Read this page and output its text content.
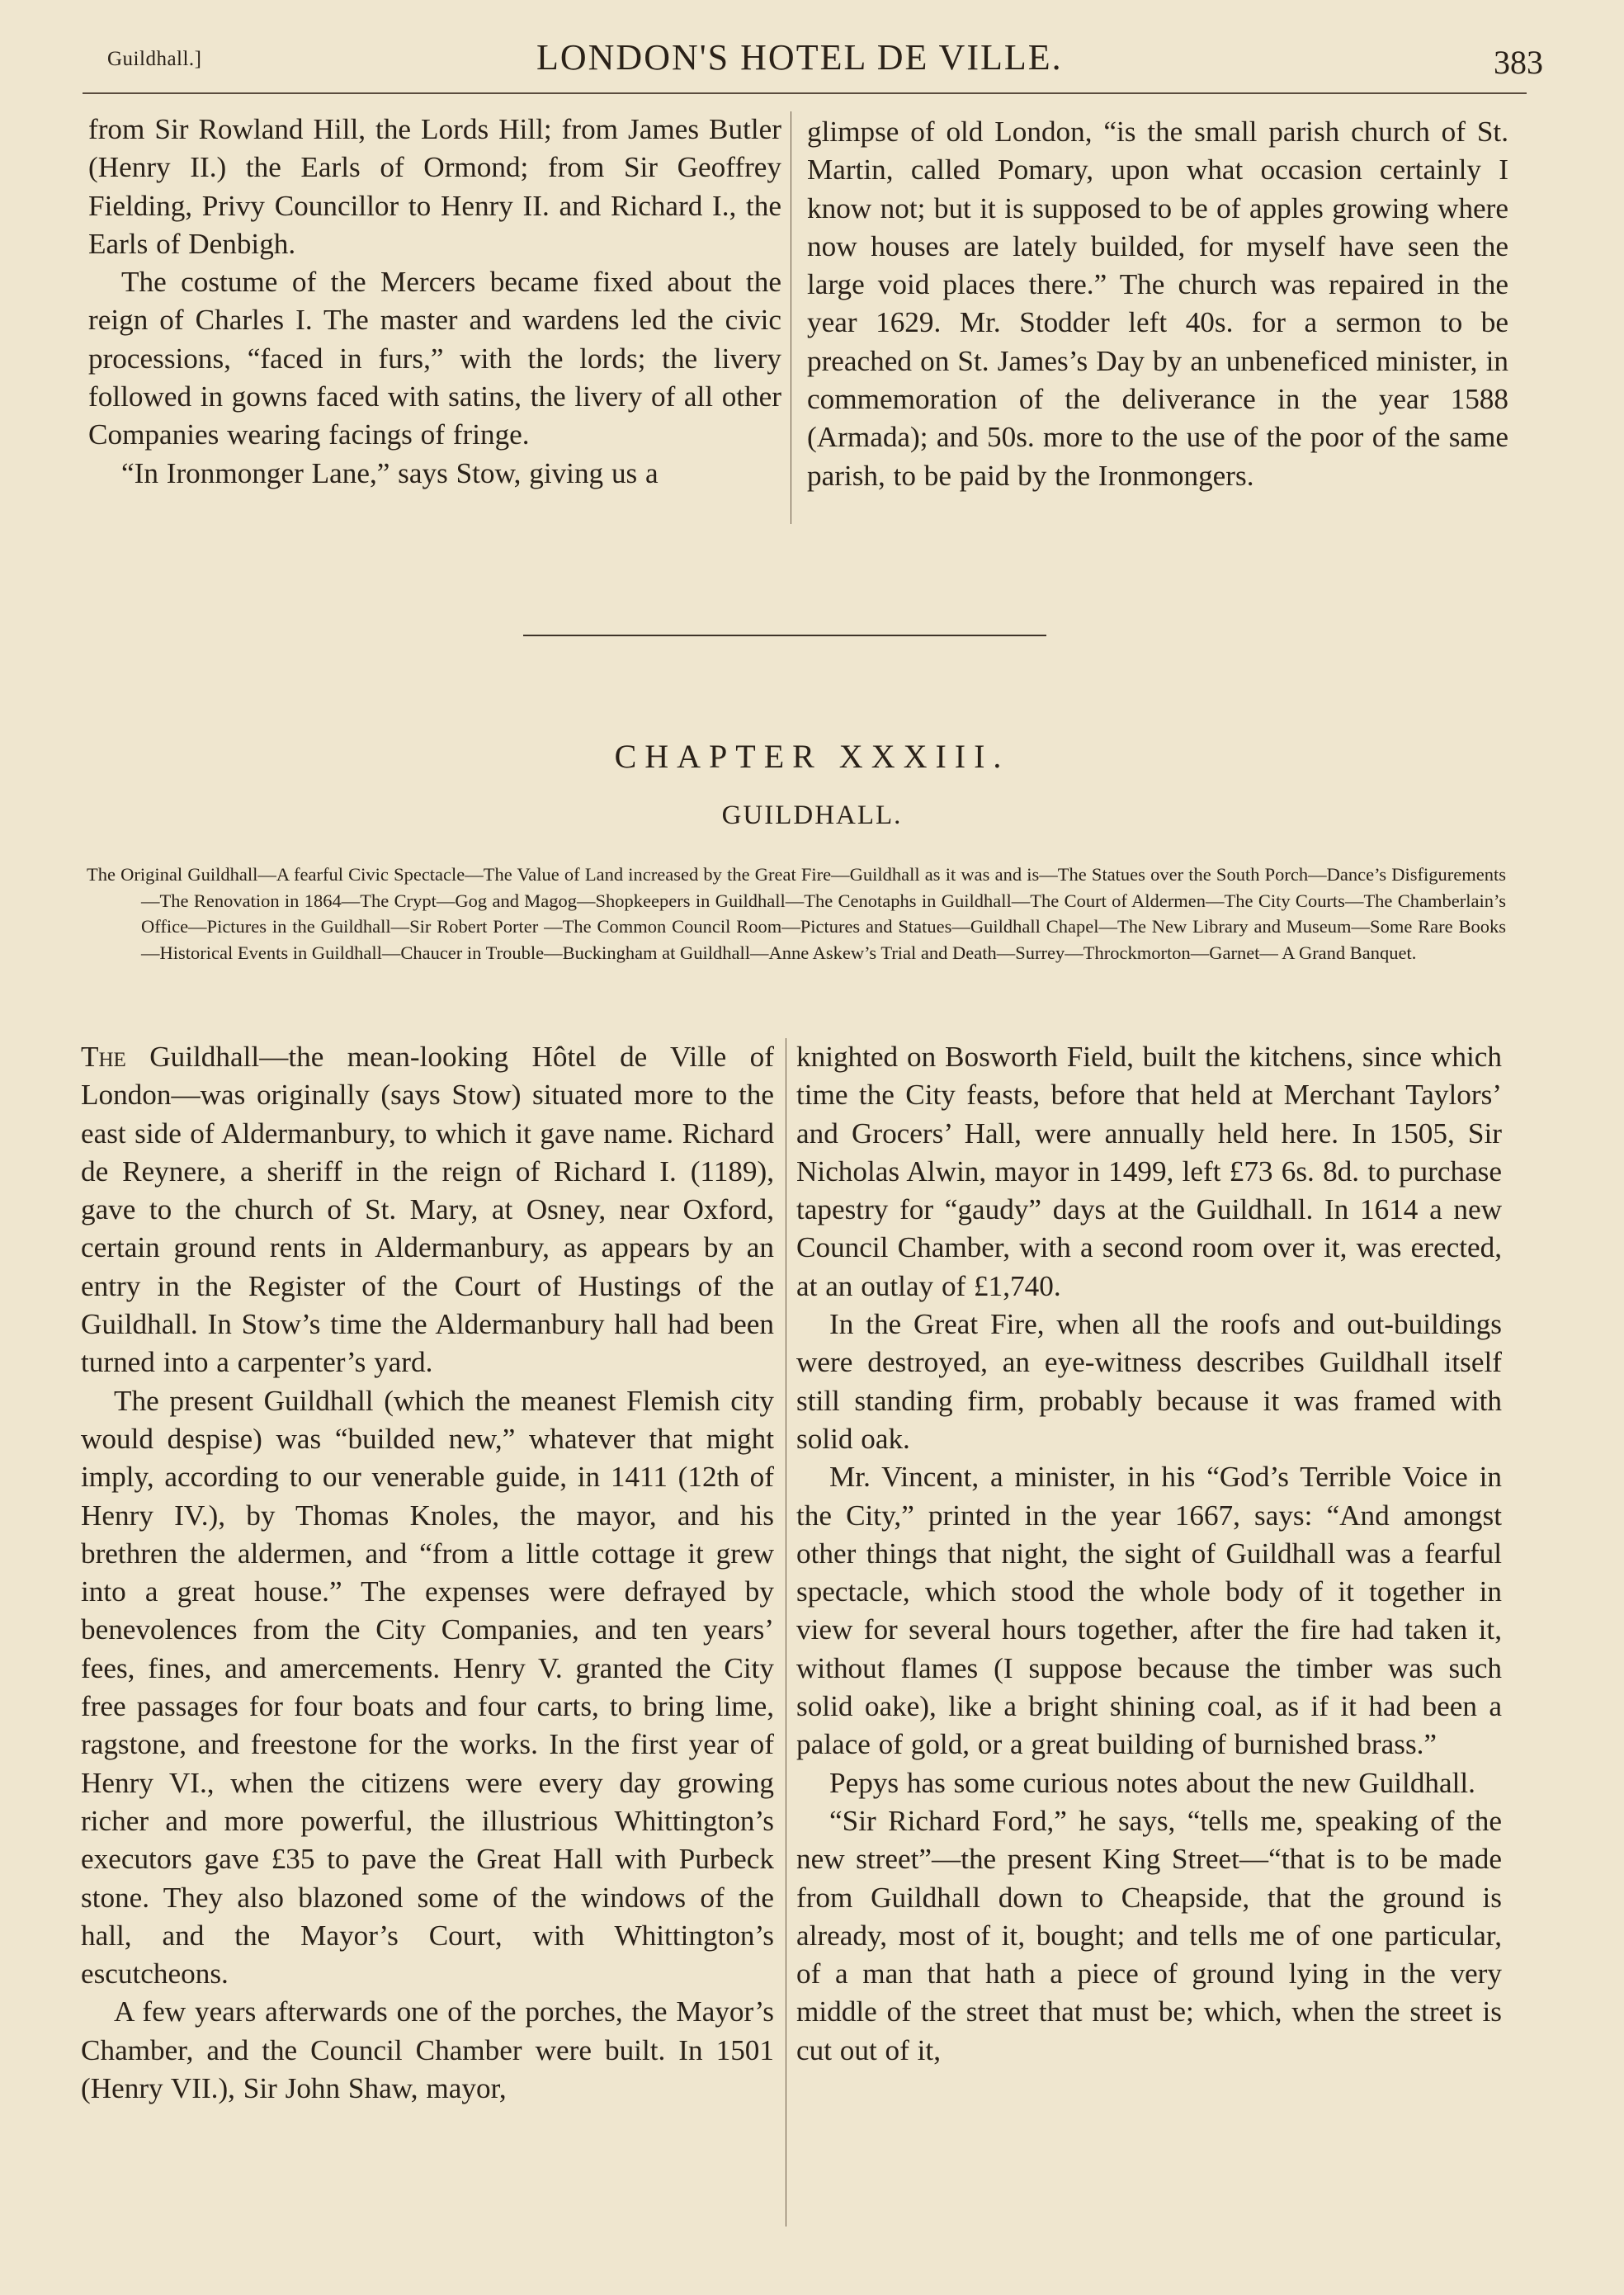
Guildhall.]	LONDON'S HOTEL DE VILLE.	383

from Sir Rowland Hill, the Lords Hill; from James Butler (Henry II.) the Earls of Ormond; from Sir Geoffrey Fielding, Privy Councillor to Henry II. and Richard I., the Earls of Denbigh.

The costume of the Mercers became fixed about the reign of Charles I. The master and wardens led the civic processions, “faced in furs,” with the lords; the livery followed in gowns faced with satins, the livery of all other Companies wearing facings of fringe.

“In Ironmonger Lane,” says Stow, giving us a

glimpse of old London, “is the small parish church of St. Martin, called Pomary, upon what occasion certainly I know not; but it is supposed to be of apples growing where now houses are lately builded, for myself have seen the large void places there.” The church was repaired in the year 1629. Mr. Stodder left 40s. for a sermon to be preached on St. James’s Day by an unbeneficed minister, in commemoration of the deliverance in the year 1588 (Armada); and 50s. more to the use of the poor of the same parish, to be paid by the Ironmongers.

CHAPTER XXXIII.
GUILDHALL.
The Original Guildhall—A fearful Civic Spectacle—The Value of Land increased by the Great Fire—Guildhall as it was and is—The Statues over the South Porch—Dance’s Disfigurements—The Renovation in 1864—The Crypt—Gog and Magog—Shopkeepers in Guildhall—The Cenotaphs in Guildhall—The Court of Aldermen—The City Courts—The Chamberlain’s Office—Pictures in the Guildhall—Sir Robert Porter —The Common Council Room—Pictures and Statues—Guildhall Chapel—The New Library and Museum—Some Rare Books—Historical Events in Guildhall—Chaucer in Trouble—Buckingham at Guildhall—Anne Askew’s Trial and Death—Surrey—Throckmorton—Garnet— A Grand Banquet.

The Guildhall—the mean-looking Hôtel de Ville of London—was originally (says Stow) situated more to the east side of Aldermanbury, to which it gave name. Richard de Reynere, a sheriff in the reign of Richard I. (1189), gave to the church of St. Mary, at Osney, near Oxford, certain ground rents in Aldermanbury, as appears by an entry in the Register of the Court of Hustings of the Guildhall. In Stow’s time the Aldermanbury hall had been turned into a carpenter’s yard.

The present Guildhall (which the meanest Flemish city would despise) was “builded new,” whatever that might imply, according to our venerable guide, in 1411 (12th of Henry IV.), by Thomas Knoles, the mayor, and his brethren the aldermen, and “from a little cottage it grew into a great house.” The expenses were defrayed by benevolences from the City Companies, and ten years’ fees, fines, and amercements. Henry V. granted the City free passages for four boats and four carts, to bring lime, ragstone, and freestone for the works. In the first year of Henry VI., when the citizens were every day growing richer and more powerful, the illustrious Whittington’s executors gave £35 to pave the Great Hall with Purbeck stone. They also blazoned some of the windows of the hall, and the Mayor’s Court, with Whittington’s escutcheons.

A few years afterwards one of the porches, the Mayor’s Chamber, and the Council Chamber were built. In 1501 (Henry VII.), Sir John Shaw, mayor,

knighted on Bosworth Field, built the kitchens, since which time the City feasts, before that held at Merchant Taylors’ and Grocers’ Hall, were annually held here. In 1505, Sir Nicholas Alwin, mayor in 1499, left £73 6s. 8d. to purchase tapestry for “gaudy” days at the Guildhall. In 1614 a new Council Chamber, with a second room over it, was erected, at an outlay of £1,740.

In the Great Fire, when all the roofs and out-buildings were destroyed, an eye-witness describes Guildhall itself still standing firm, probably because it was framed with solid oak.

Mr. Vincent, a minister, in his “God’s Terrible Voice in the City,” printed in the year 1667, says: “And amongst other things that night, the sight of Guildhall was a fearful spectacle, which stood the whole body of it together in view for several hours together, after the fire had taken it, without flames (I suppose because the timber was such solid oake), like a bright shining coal, as if it had been a palace of gold, or a great building of burnished brass.”

Pepys has some curious notes about the new Guildhall.

“Sir Richard Ford,” he says, “tells me, speaking of the new street”—the present King Street—“that is to be made from Guildhall down to Cheapside, that the ground is already, most of it, bought; and tells me of one particular, of a man that hath a piece of ground lying in the very middle of the street that must be; which, when the street is cut out of it,
